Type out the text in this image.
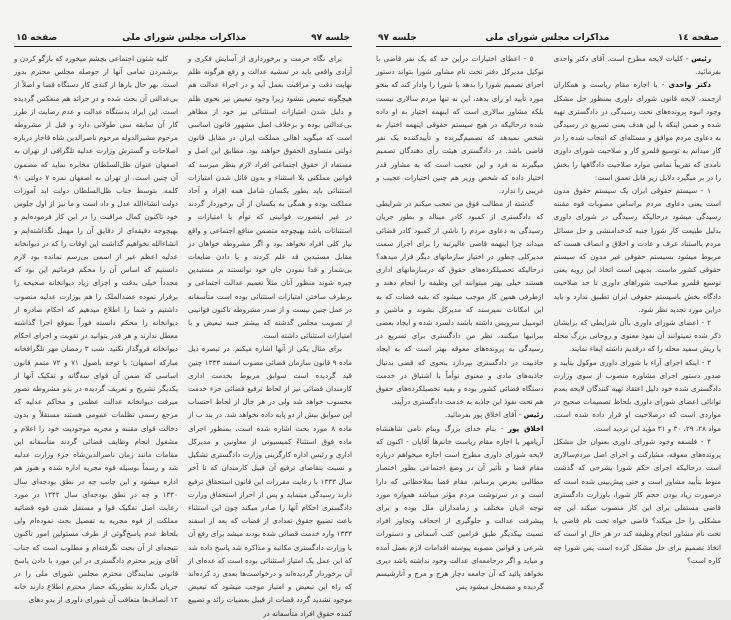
جلسه ۹۷
مذاکرات مجلس شورای ملی
صفحه ۱۵

برای نگاه حرمت و برخورداری از آسایش فکری و آزادی واقعی باید در تمشیه عدالت و رفع هرگونه ظلم نهایت دقت و مراقبت بعمل آید و در اجراء عدالت هم هیچگونه تبعیض ننشود زیرا وجود تبعیض نیز نحوی ظلم و دلیل شدن امتیازات استثنائی نیز خود از مظاهر بی‌عدالتی بوده و برخلاف اصل مشهور قانون اساسی است که میگوید اهالی مملکت ایران در مقابل قانون دولتی متساوی الحقوق خواهند بود. مطابق این اصل و مستفاد از حقوق اجتماعی افراد لازم بنظر میرسد که قوانین مملکتی بلا استثناء و بدون قائل شدن امتیازات استثنائی باید بطور یکسان شامل همه افراد و آحاد مملکت بوده و همگی به یکسان از آن برخوردار گردند در غیر اینصورت قوانینی که توأم با امتیازات و استثنائات باشد بهیچوجه متضمن منافع اجتماعی و واقع نیاز کلی افراد نخواهد بود و اگر مشروطه خواهان در مقابل مستبدین قد علم کردند و با دادن ضایعات بی‌شمار و فدا نمودن جان خود توانستند بر مستبدین چیره شوند منظور آنان مثلاً تعمیم عدالت اجتماعی و برطرف ساختن امتیازات استثنائی بوده است متأسفانه در عمل چنین نیست و از صدر مشروطه تاکنون قوانینی از تصویب مجلس گذشته که بیشتر جنبه تبعیض و با امتیازات استثنائی داشته است.

برای مثال یکی از آنها اشاره میکنم. در تبصره ذیل ماده ۹ قانون سازمان قضائی مصوب اسفند ۱۳۳۳ چنین قید گردیده است سوابق مربوط بخدمت اداری کارمندان قضائی نیز از لحاظ ترفیع قضائی جزء خدمت محسوب خواهد شد ولی در هر حال از لحاظ احتساب این سوابق بیش از دو پایه داده نخواهد شد. در بند ب از ماده ۸ مورد بحث اشاره شده است، بمنظور اجرای ماده فوق استثناءً کمیسیونی از معاونین و مدیرکل اداری و رئیس اداره کارگزینی وزارت دادگستری تشکیل و نسبت بتقاضای ترفیع آن قبیل کارمندان که تا آخر سال ۱۳۳۳ با رعایت مقررات این قانون استحقاق ترفیع دارند رسیدگی مینماید و پس از احراز استحقاق وزارت دادگستری احکام آنها را صادر میکند چون این استثناء باعث تضییع حقوق تعدادی از قضات که بعد از اسفند ۱۳۳۳ وارد خدمت قضائی شده بودند میشد برای رفع آن با وزارت دادگستری مکاتبه و مذاکره شد پاسخ داده شد که این عمل یک امتیاز استثنائی بوده است که عده‌ای از آن برخوردار گردیده‌اند و درخواست‌ها بعدی رد کرده‌اند که راه این تبعیض و امتیاز موجب میشود که تبعیض موجود تشدید گردد قضات از قبیل بعضیات زائد و تضییع کننده حقوق افراد متأسفانه در

کلیه شئون اجتماعی بچشم میخورد که بازگو کردن و برشمردن تمامی آنها از حوصله مجلس محترم بدور است. بهر حال بارها از کندی کار دستگاه قضا و اصلاً از بی‌عدالتی آن بحث شده و در جرائد هم منعکس گردیده است. این ایراد بدستگاه عدالت و عدم رضایت از طرز کار آن سابقه سی طولانی دارد و قبل از مشروطه مرحوم مشیرالدوله مرحوم ناصرالدین شاه قاجار درباره اصلاحات و گسترش وزارت عدلیه تلگرافی از تهران به اصفهان عنوان ظل‌السلطان مخابره نماید که مضمون آن چنین است. از تهران به اصفهان نمره ۷ دولتی ۹۰ کلمه. بتوسط جناب ظل‌السلطان دولت ابد آموزات دولت انشاءالله عدل و داد است و ما نیز از اول جلوس خود تاکنون کمال مراقبت را در این کار فرموده‌ایم و بهیچوجه دقیقه‌ای از دقایق آن را مهمل نگذاشته‌ایم و انشاءالله نخواهیم گذاشت این اوقات را که در دیوانخانه عدلیه اعظم غیر از اسمی بی‌رسم نمانده بود لازم دانستیم که اساس آن را محکم فرمائیم این بود که مجدداً خیلی بدقت و اجزای زیاد دیوانخانه صحیحه را برقرار نموده عضدالملک را هم بوزارت عدلیه منصوب داشتیم و شما را اطلاع میدهیم که احکام صادره از دیوانخانه را محکم دانسته فوراً بموقع اجرا گذاشته معطل ندارند و هر قدر بتوانید در تقویت و اجرای احکام دیوانخانه فروگذار نکنید. شب ۳ رمضان مهر تلگرافخانه مبارکه اصفهان؛ با توجه باصول ۷۱ و ۷۲ متمم قانون اساسی که ضمن آن قوای سه‌گانه و تفکیک آنها از یکدیگر تشریح و تعریف گردیده در بدو مشروطه تصور میرفت دیوانخانه عدالت عظمی و محاکم عدلیه که مرجع رسمی تظلمات عمومی هستند مستقلاً و بدون دخالت قوای مقننه و مجریه موجودیت خود را اعلام و مشغول انجام وظایف قضائی گردند متأسفانه این مقامات مانند زمان ناصرالدین‌شاه جزء وزارت عدلیه شد و رسماً بوسیله قوه مجریه اداره شده و هنوز هم اداره میشود و این جانب چه در نطق بودجه‌ای سال ۱۳۴۰ و چه در نطق بودجه‌ای سال ۱۳۴۲ در مورد رعایت اصل تفکیک قوا و مستقل شدن قوه قضائیه مملکت از قوه مجریه به تفصیل بحث نموده‌ام ولی بلحاظ عدم پاسخ‌گوئی از طرف مسئولین امور تاکنون نتیجه‌ای از آن بحث نگرفته‌ام و مطلوب است که جناب آقای وزیر محترم دادگستری در این مورد با دادن پاسخ قانونی نمایندگان محترم مجلس شورای ملی را در جریان بگذارند بطوریکه حضار محترم اطلاع دارند خانه ۱۲ انصاف‌ها متعاقب آن شورای داوری از بدو دهای

صفحه ١٤
مذاکرات مجلس شورای ملی
جلسه ۹۷

رئیس - کلیات لایحه مطرح است. آقای دکتر واحدی بفرمائید.

دکتر واحدی - با اجازه مقام ریاست و همکاران ارجمند، لایحه قانون شورای داوری بمنظور حل مشکل وجود انبوه پرونده‌های تحت رسیدگی در دادگستری تهیه شده و ضمن اینکه با این هدف یعنی تسریع در رسیدگی به دعاوی مردم موافق و مسئله‌ای که انتخاب شده را در کار میدانم به توسیع قلمرو کار و صلاحیت شورای داوری نامدی که تقریباً تمامی موارد صلاحیت دادگاهها را بخش را در بر میگیرد دلایل زیر قابل تعمق است:

۱ - سیستم حقوقی ایران یک سیستم حقوق مدون است یعنی دعاوی مردم براساس مصوبات قوه مقننه رسیدگی میشود درحالیکه رسیدگی در شورای داوری بدلیل طبیعت کار شورا جنبه کدخدامنشی و حل مسائل مردم بااستناد عرف و عادت و اخلاق و انصاف هست که مربوط میشود بسیستم حقوقی غیر مدون که سیستم حقوقی کشور ماست. بدیهی است اتخاذ این رویه یعنی توسیع قلمرو صلاحیت شوراهای داوری تا حد صلاحیت دادگاه بخش باسیستم حقوقی ایران تطبیق ندارد و باید دراین مورد تجدید نظر شود.

۲ - اعضای شورای داوری باآن شرایطی که برایشان ذکر شده نمیتوانند آن نفوذ معنوی و روحانی بزرگ محله یا ریش سفید محله را که درقدیم داشته ایفاء نمایند.

۳ - اینکه اجرای آراء با شورای داوری موکول بتأیید و صدور دستور اجرای مشاوره منصوب از سوی وزارت دادگستری شده خود دلیل اعتقاد تهیه کنندگان لایحه بعدم توانائی اعضای شورای داوری بلحاظ تصمیمات صحیح در مواردی است که درصلاحیت او قرار داده شده است. مواد ۲۸، ۲۹، ۳۰ و ۳۱ مؤید این تردید است.

۴ - فلسفه وجود شورای داوری بعنوان حل مشکل پرونده‌های معوقه، مشارکت و اجرای اصل مردم‌سالاری است درحالیکه اجرای حکم شورا بشرحی که گذشت منوط بتأیید مشاور است و حتی پیش‌بینی شده است که درصورت زیاد بودن حجم کار شورا، باوزارت دادگستری قاضی مستقلی برای این کار منصوب میکند این چه مشکلی را حل میکند؟ قاضی خواه تحت نام قاضی یا تحت نام مشاور انجام وظیفه کند در هر حال او است که اتخاذ تصمیم برای حل مشکل کرده است پس شورا چه کاره است؟

۵ - اعطای اختیارات دراین حد که یک نفر قاضی با توکیل مدیرکل دفتر تحت نام مشاور شورا بتواند دستور اجرای تصمیم شورا را بدهد یا شورا را وادار کند که بنحو مورد تأیید او رای بدهد، این نه تنها مردم سالاری نیست بلکه مشاور سالاری است که اینهمه اختیار به او داده شده درحالیکه در هیچ سیستم حقوقی اینهمه اختیار به شخص نمیدهد که تصمیم‌گیرنده و تأییدکننده یک نفر قاضی باشد. در دادگستری هیئت رأی دهندگان تصمیم میگیرند نه فرد و این عجیب است که به مشاور قدر اختیار داده که شخص وزیر هم چنین اختیارات عجیب و غریبی را ندارد.

گذشته از مطالب فوق من تعجب میکنم در شرایطی که دادگستری از کمبود کادر مینالد و بطور جریان رسیدگی به دعاوی مردم را ناشی از کمبود کادر قضائی میداند چرا اینهمه قاضی عالیرتبه را برای اجراز سمت مدیرکلی چطور در اختیار سازمانهای دیگر قرار میدهد؟ درحالیکه تحصیلکرده‌های حقوق که درسازمانهای اداری هستند خیلی بهتر میتوانند این وظیفه را انجام دهند و ازطرفی همین کار موجب میشود که بقیه قضات که به این امکانات نمیرسند که مدیرکل بشوند و ماشین و اتومبیل سرویس داشته باشند دلسرد شده و ایجاد بعضی بیرانیها میکنند، نظر من دادگستری برای تسریع در رسیدگی به پرونده‌های معوقه بهتر است که به ایجاد جاذبیت در دادگستری بپردازد بنحوی که قضی بدنبال جاذبه‌های مادی و معنوی توأماً با اشتیاق در خدمت دستگاه قضائی کشور بوده و بقیه تحصیلکرده‌های حقوق هم تحت نفوذ این جاذبه به خدمت دادگستری درآیند.

رئیس - آقای اخلاق پور بفرمائید.

اخلاق پور - بنام خدای بزرگ وبنام نامی شاهنشاه آریامهر با اجازه مقام ریاست خانم‌ها آقایان - اکنون که لایحه شورای داوری مطرح است اجازه میخواهم درباره مقام قضا و تأثیر آن در وضع اجتماعی بطور اختصار مطالبی بعرض برسانم. مقام قضا بملاحظاتی که دارا است و در سرنوشت مردم مؤثر میباشد همواره مورد توجه ادیان مختلف و زمامداران ملل بوده و برای پیشرفت عدالت و جلوگیری از اجحاف وتجاوز افراد نسبت بیکدیگر طبق فرامین کتب آسمانی و دستورات شرعی و قوانین مصوبه پیوسته اقدامات لازم بعمل آمده و میاید و اگر درجامعه‌ای عدالت وجود نداشته باشد دیری نخواهد پائید که آن جامعه دچار هرج و مرج و آنارشیسم گردیده و مضمحل میشود پس
